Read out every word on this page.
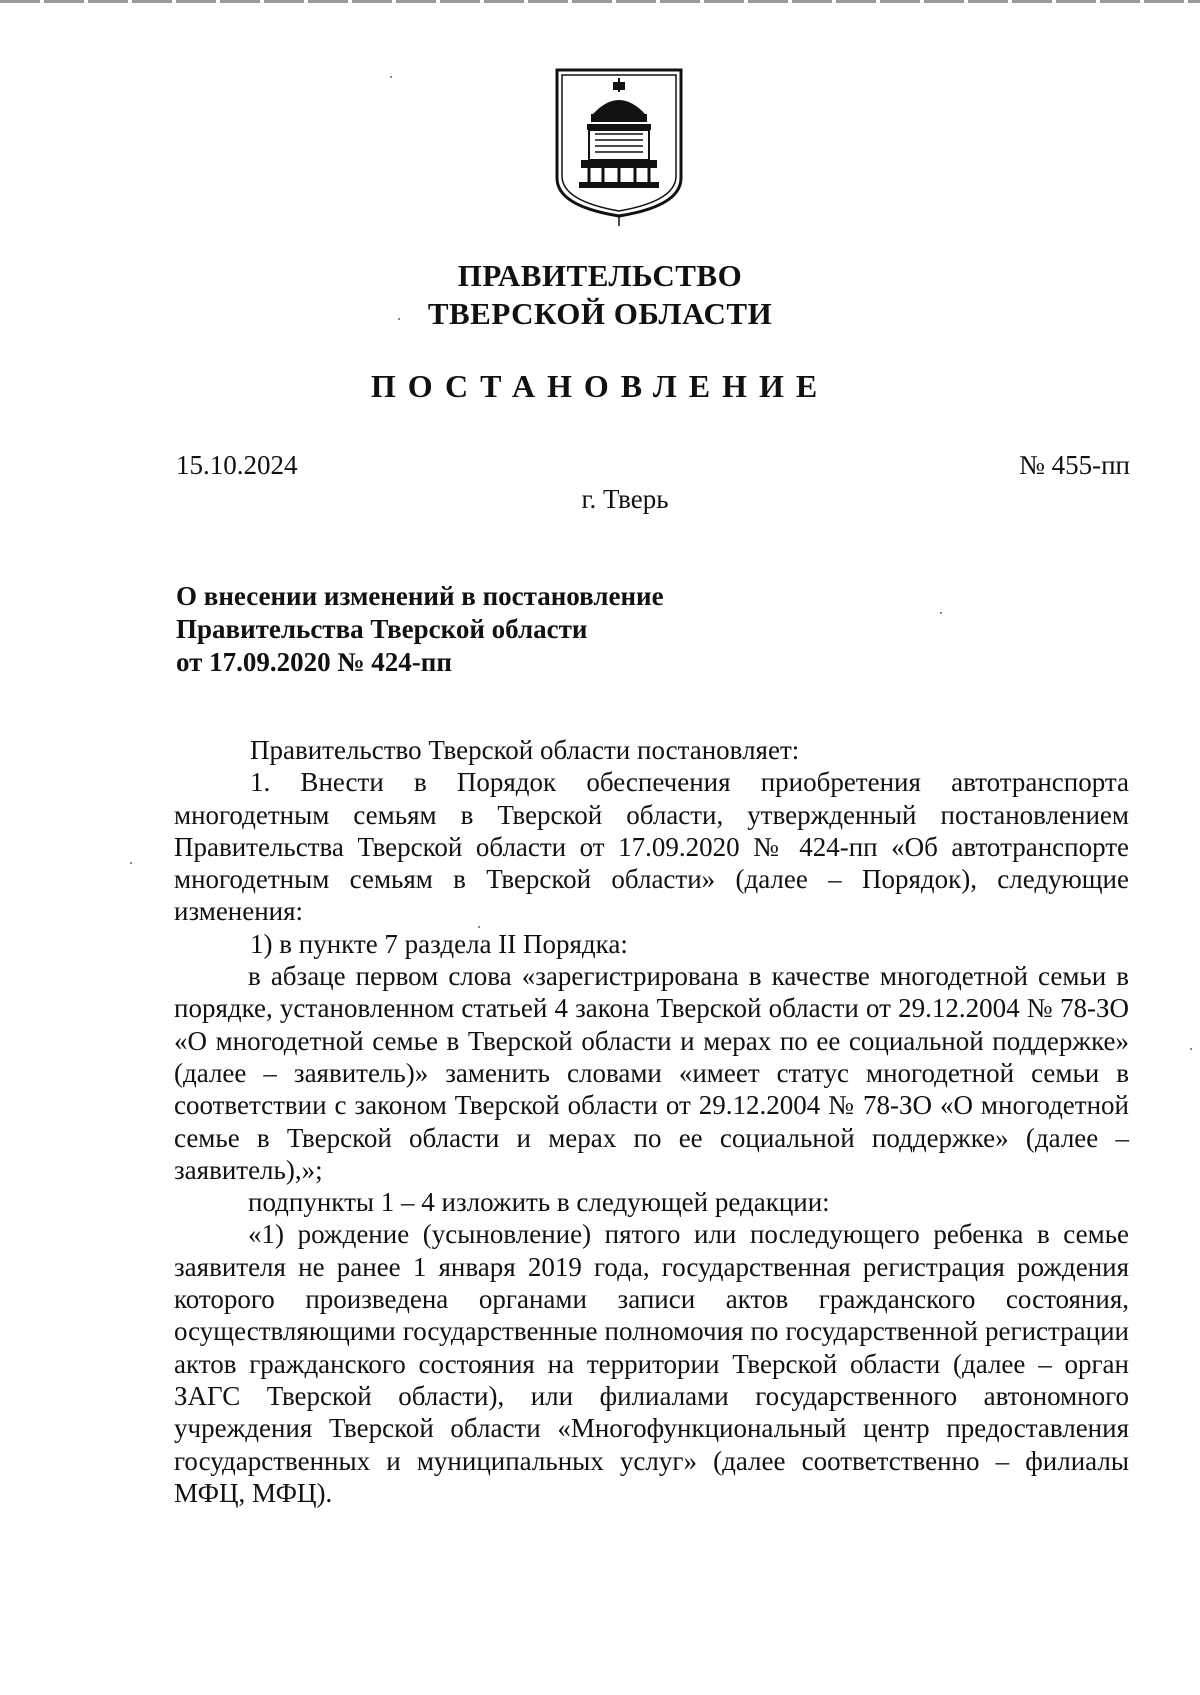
ПРАВИТЕЛЬСТВО
ТВЕРСКОЙ ОБЛАСТИ
ПОСТАНОВЛЕНИЕ
15.10.2024	№ 455-пп
г. Тверь
О внесении изменений в постановление
Правительства Тверской области
от 17.09.2020 № 424-пп

Правительство Тверской области постановляет:

1. Внести в Порядок обеспечения приобретения автотранспорта многодетным семьям в Тверской области, утвержденный постановлением Правительства Тверской области от 17.09.2020 № 424-пп «Об автотранспорте многодетным семьям в Тверской области» (далее – Порядок), следующие изменения:

1) в пункте 7 раздела II Порядка:

в абзаце первом слова «зарегистрирована в качестве многодетной семьи в порядке, установленном статьей 4 закона Тверской области от 29.12.2004 № 78-ЗО «О многодетной семье в Тверской области и мерах по ее социальной поддержке» (далее – заявитель)» заменить словами «имеет статус многодетной семьи в соответствии с законом Тверской области от 29.12.2004 № 78-ЗО «О многодетной семье в Тверской области и мерах по ее социальной поддержке» (далее – заявитель),»;

подпункты 1 – 4 изложить в следующей редакции:

«1) рождение (усыновление) пятого или последующего ребенка в семье заявителя не ранее 1 января 2019 года, государственная регистрация рождения которого произведена органами записи актов гражданского состояния, осуществляющими государственные полномочия по государственной регистрации актов гражданского состояния на территории Тверской области (далее – орган ЗАГС Тверской области), или филиалами государственного автономного учреждения Тверской области «Многофункциональный центр предоставления государственных и муниципальных услуг» (далее соответственно – филиалы МФЦ, МФЦ).
